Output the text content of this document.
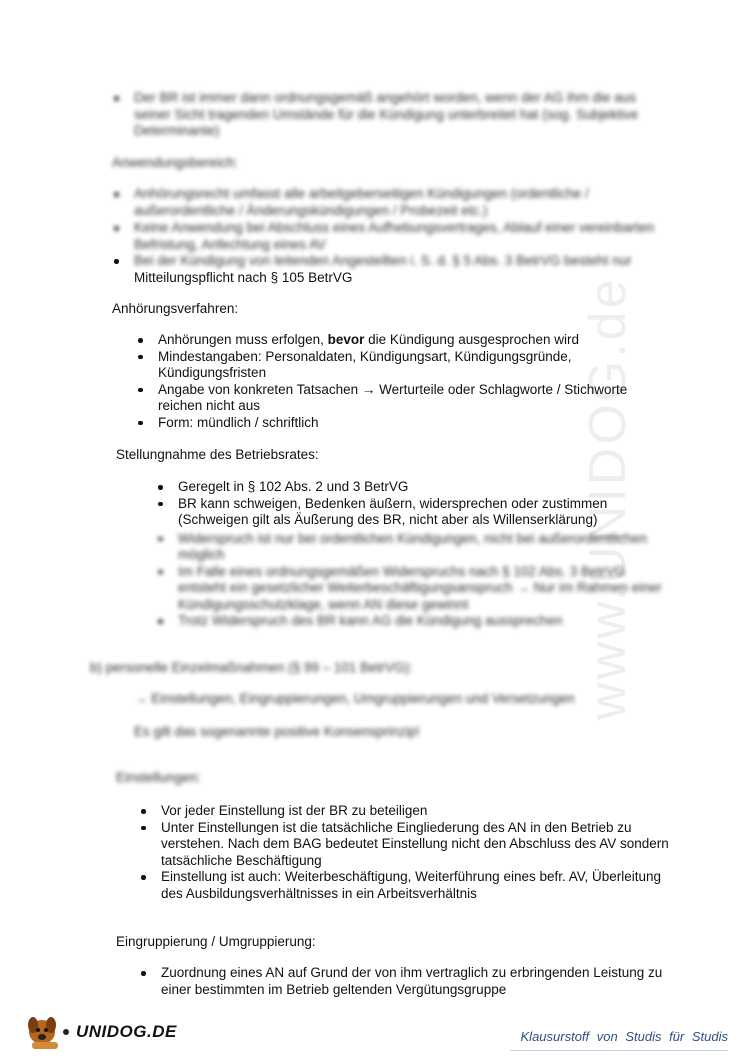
www.UNIDOG.de
Der BR ist immer dann ordnungsgemäß angehört worden, wenn der AG ihm die aus seiner Sicht tragenden Umstände für die Kündigung unterbreitet hat (sog. Subjektive Determinante)
Anwendungsbereich:
Anhörungsrecht umfasst alle arbeitgeberseitigen Kündigungen (ordentliche / außerordentliche / Änderungskündigungen / Probezeit etc.)
Keine Anwendung bei Abschluss eines Aufhebungsvertrages, Ablauf einer vereinbarten Befristung, Anfechtung eines AV
Bei der Kündigung von leitenden Angestellten i. S. d. § 5 Abs. 3 BetrVG besteht nur
Mitteilungspflicht nach § 105 BetrVG
Anhörungsverfahren:
Anhörungen muss erfolgen, bevor die Kündigung ausgesprochen wird
Mindestangaben: Personaldaten, Kündigungsart, Kündigungsgründe, Kündigungsfristen
Angabe von konkreten Tatsachen → Werturteile oder Schlagworte / Stichworte reichen nicht aus
Form: mündlich / schriftlich
Stellungnahme des Betriebsrates:
Geregelt in § 102 Abs. 2 und 3 BetrVG
BR kann schweigen, Bedenken äußern, widersprechen oder zustimmen (Schweigen gilt als Äußerung des BR, nicht aber als Willenserklärung)
Widerspruch ist nur bei ordentlichen Kündigungen, nicht bei außerordentlichen möglich
Im Falle eines ordnungsgemäßen Widerspruchs nach § 102 Abs. 3 BetrVG entsteht ein gesetzlicher Weiterbeschäftigungsanspruch → Nur im Rahmen einer Kündigungsschutzklage, wenn AN diese gewinnt
Trotz Widerspruch des BR kann AG die Kündigung aussprechen
b) personelle Einzelmaßnahmen (§ 99 – 101 BetrVG):
→ Einstellungen, Eingruppierungen, Umgruppierungen und Versetzungen
Es gilt das sogenannte positive Konsensprinzip!
Einstellungen:
Vor jeder Einstellung ist der BR zu beteiligen
Unter Einstellungen ist die tatsächliche Eingliederung des AN in den Betrieb zu verstehen. Nach dem BAG bedeutet Einstellung nicht den Abschluss des AV sondern tatsächliche Beschäftigung
Einstellung ist auch: Weiterbeschäftigung, Weiterführung eines befr. AV, Überleitung des Ausbildungsverhältnisses in ein Arbeitsverhältnis
Eingruppierung / Umgruppierung:
Zuordnung eines AN auf Grund der von ihm vertraglich zu erbringenden Leistung zu einer bestimmten im Betrieb geltenden Vergütungsgruppe
UNIDOG.DE	Klausurstoff von Studis für Studis
